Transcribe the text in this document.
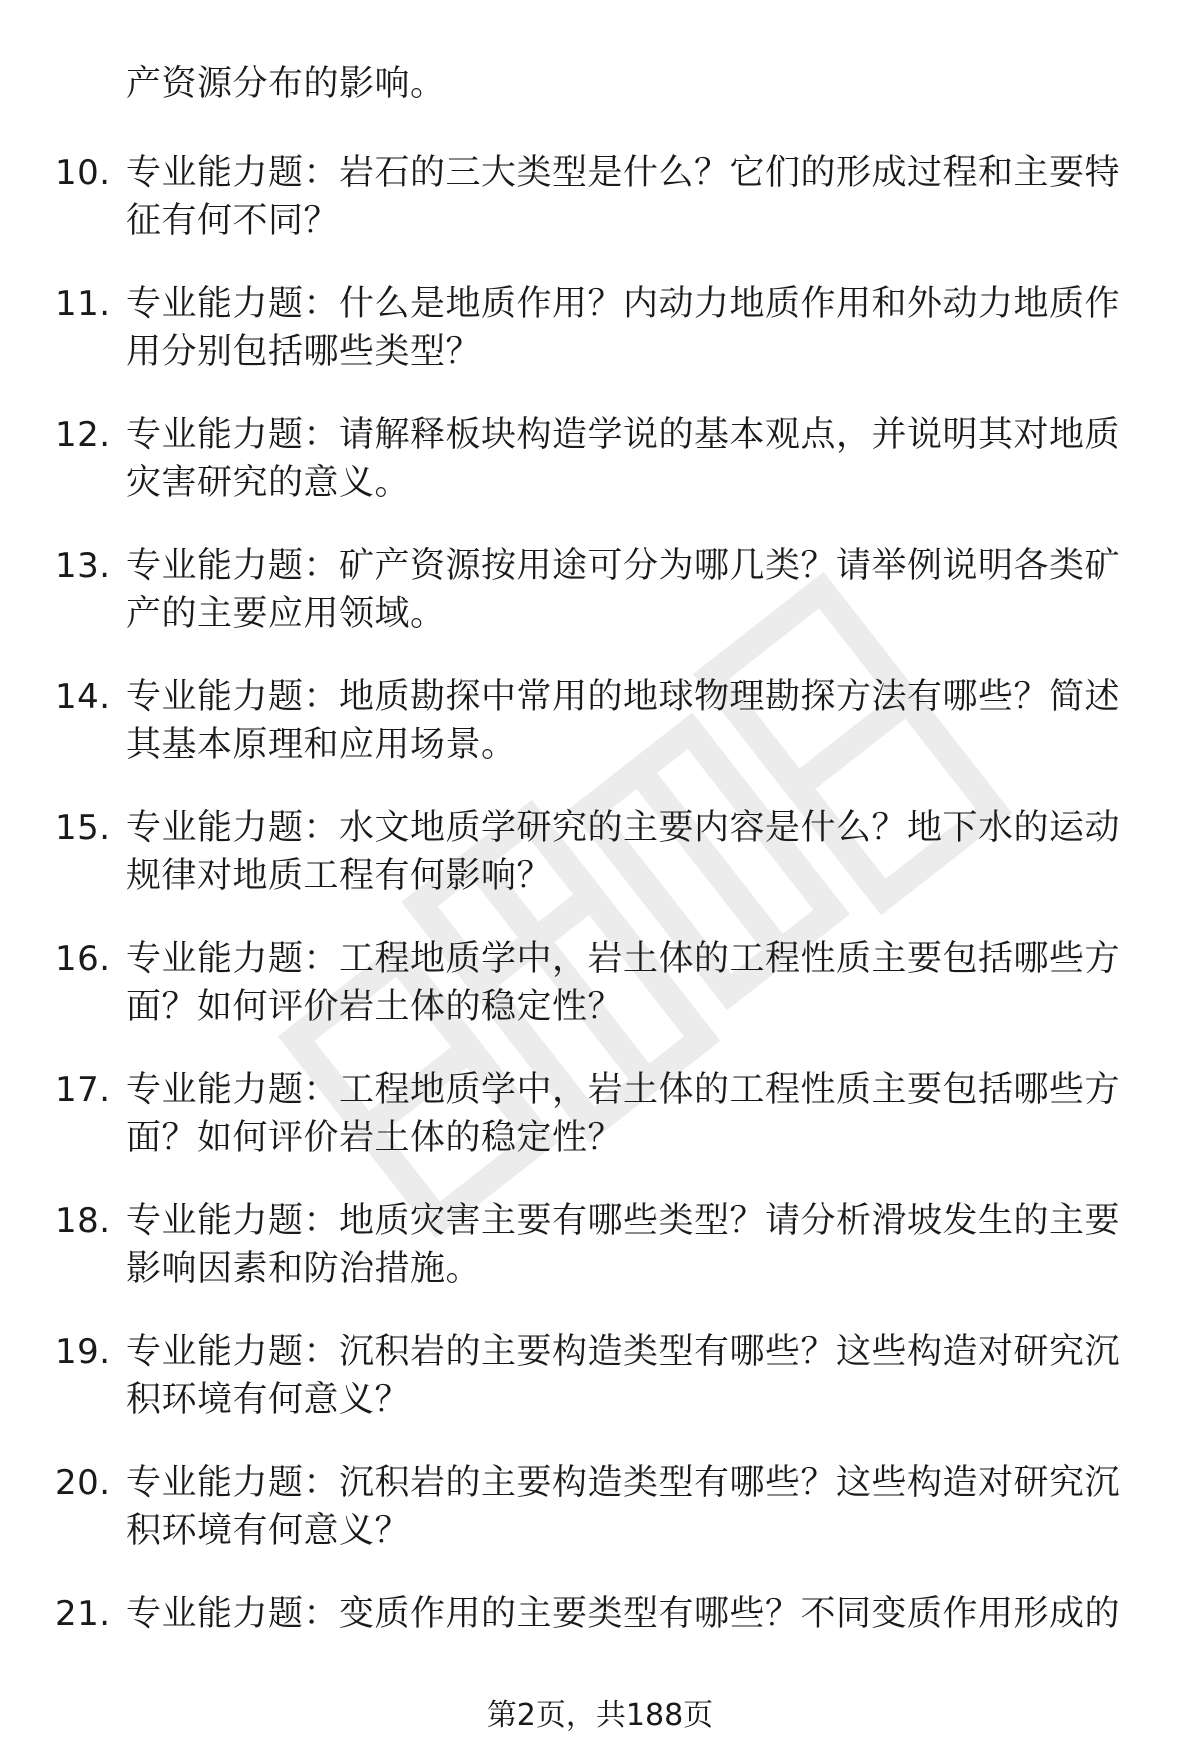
产资源分布的影响。
10. 专业能力题：岩石的三大类型是什么？它们的形成过程和主要特征有何不同？
11. 专业能力题：什么是地质作用？内动力地质作用和外动力地质作用分别包括哪些类型？
12. 专业能力题：请解释板块构造学说的基本观点，并说明其对地质灾害研究的意义。
13. 专业能力题：矿产资源按用途可分为哪几类？请举例说明各类矿产的主要应用领域。
14. 专业能力题：地质勘探中常用的地球物理勘探方法有哪些？简述其基本原理和应用场景。
15. 专业能力题：水文地质学研究的主要内容是什么？地下水的运动规律对地质工程有何影响？
16. 专业能力题：工程地质学中，岩土体的工程性质主要包括哪些方面？如何评价岩土体的稳定性？
17. 专业能力题：工程地质学中，岩土体的工程性质主要包括哪些方面？如何评价岩土体的稳定性？
18. 专业能力题：地质灾害主要有哪些类型？请分析滑坡发生的主要影响因素和防治措施。
19. 专业能力题：沉积岩的主要构造类型有哪些？这些构造对研究沉积环境有何意义？
20. 专业能力题：沉积岩的主要构造类型有哪些？这些构造对研究沉积环境有何意义？
21. 专业能力题：变质作用的主要类型有哪些？不同变质作用形成的
第2页，共188页
